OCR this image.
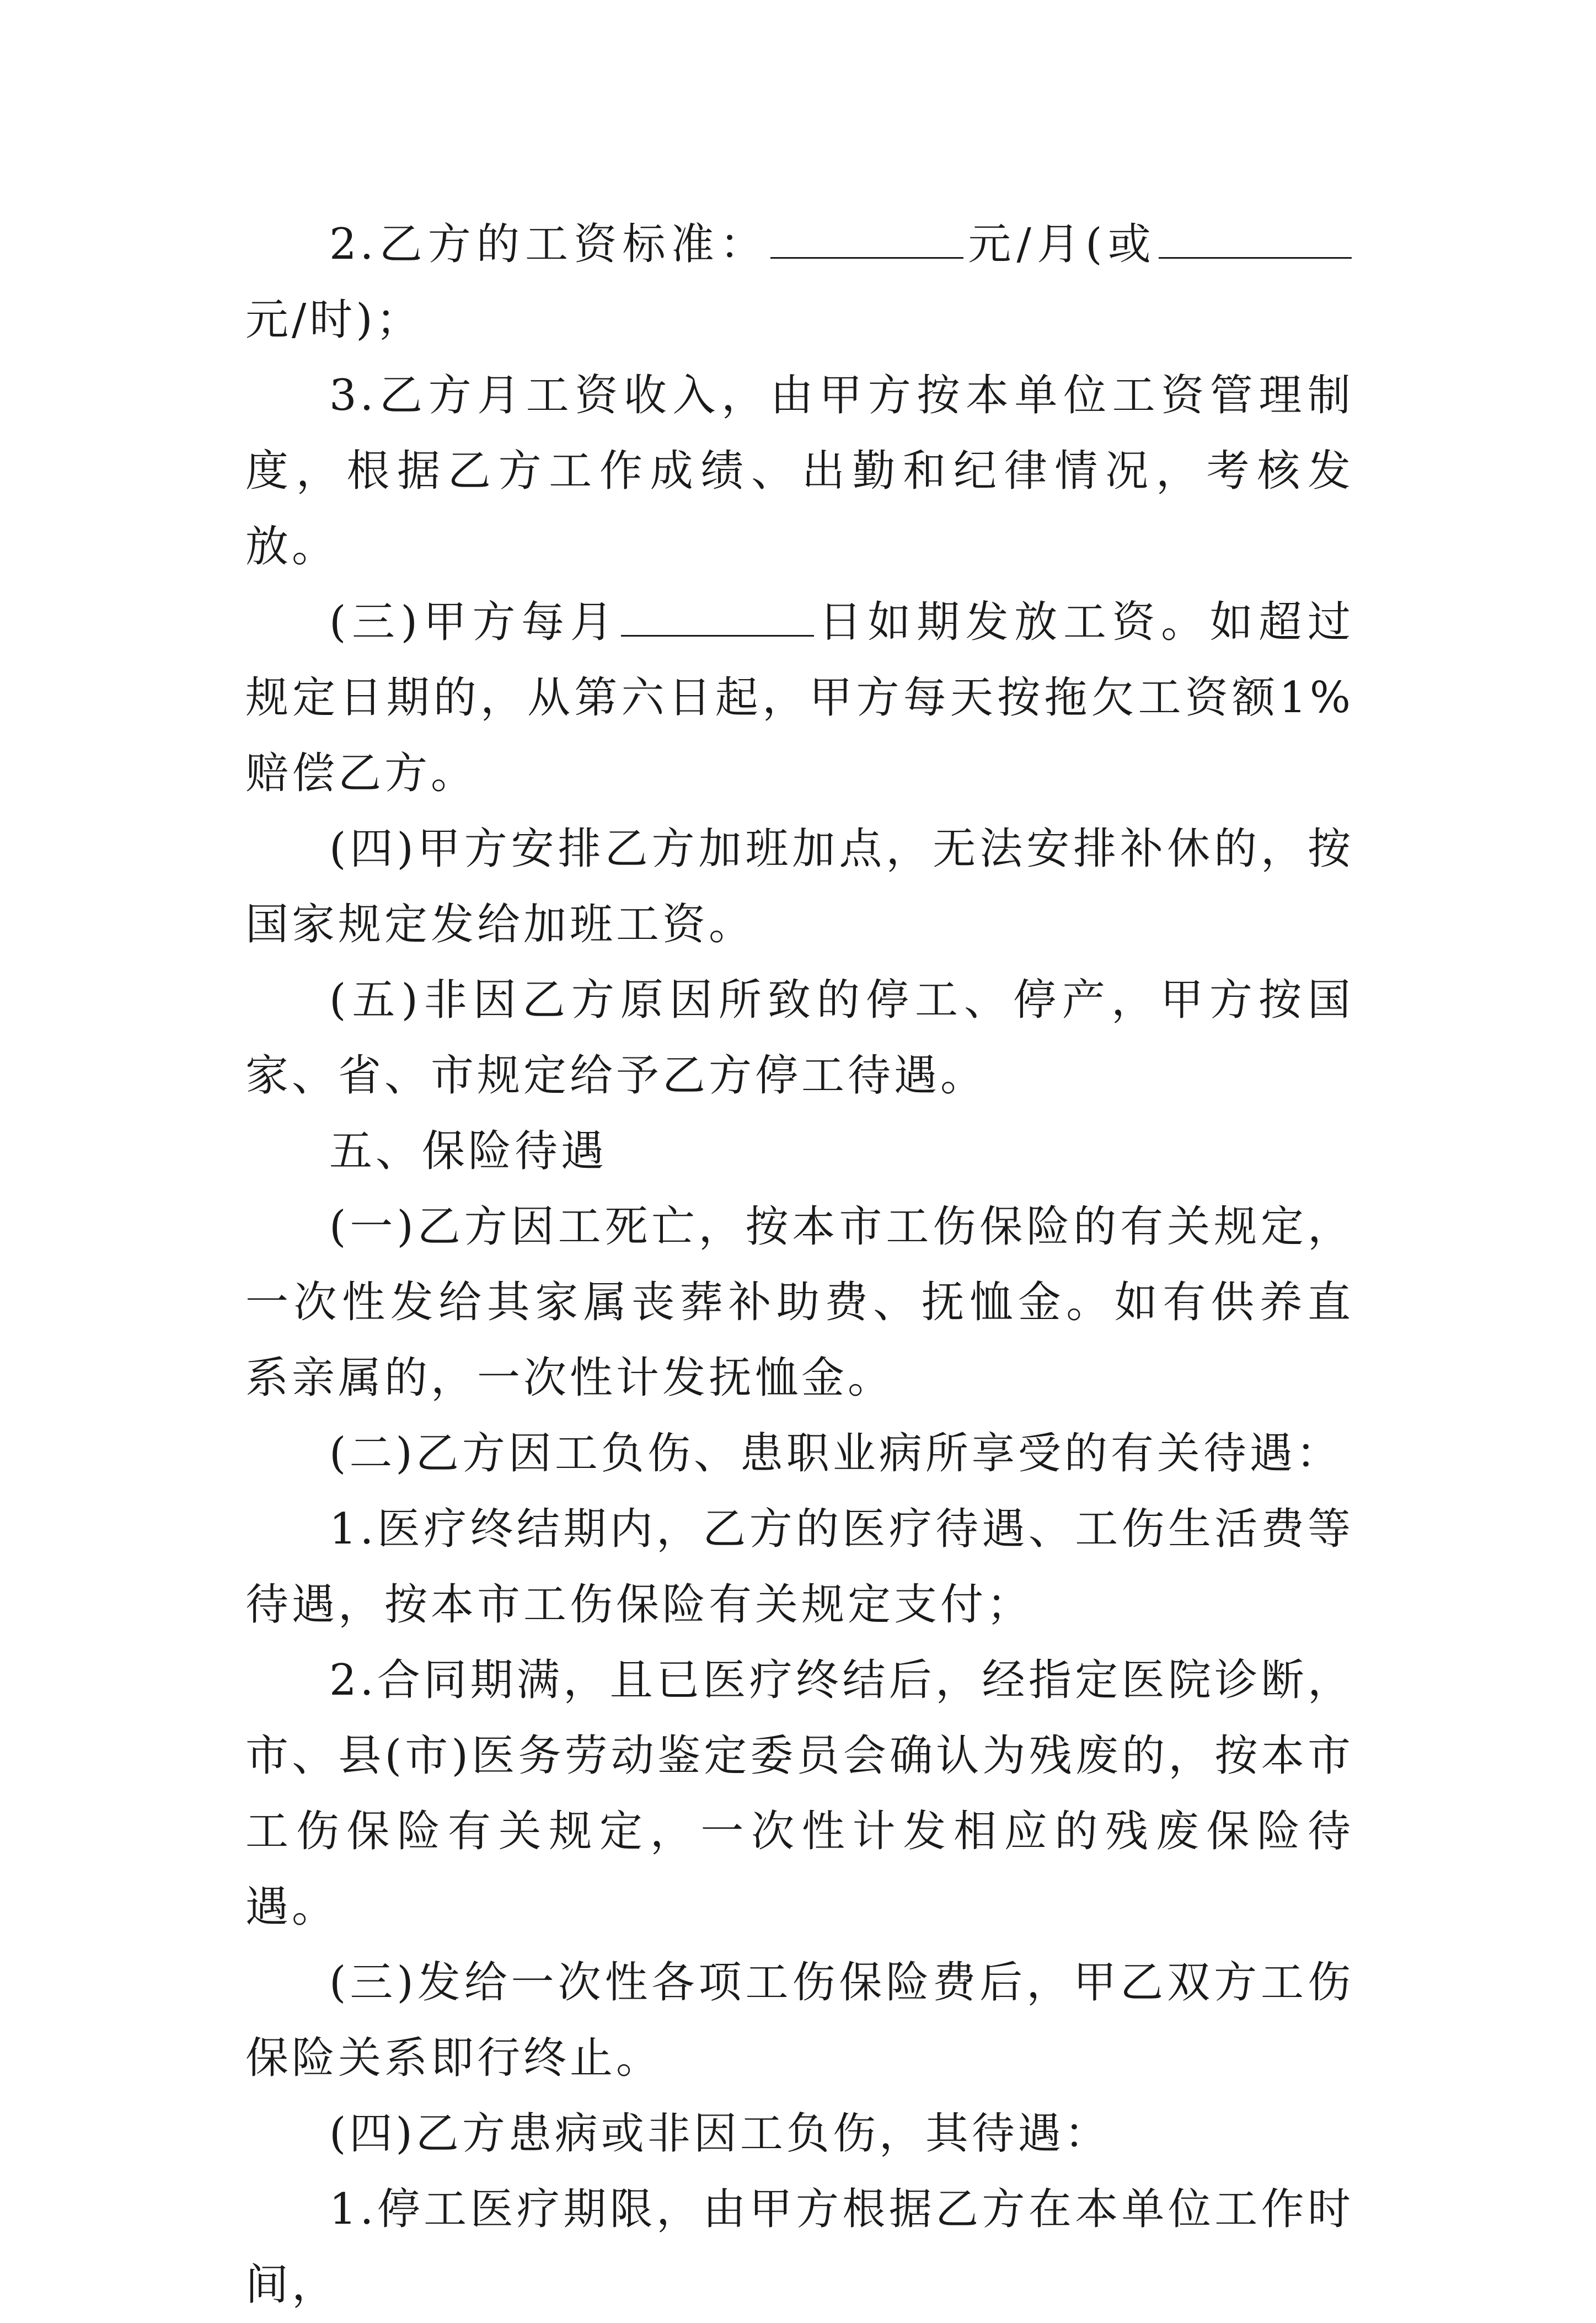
2.乙方的工资标准：	元/月(或元/时)；

3.乙方月工资收入，由甲方按本单位工资管理制度，根据乙方工作成绩、出勤和纪律情况，考核发放。

(三)甲方每月	日如期发放工资。如超过规定日期的，从第六日起，甲方每天按拖欠工资额1%赔偿乙方。

(四)甲方安排乙方加班加点，无法安排补休的，按国家规定发给加班工资。

(五)非因乙方原因所致的停工、停产，甲方按国家、省、市规定给予乙方停工待遇。

五、保险待遇

(一)乙方因工死亡，按本市工伤保险的有关规定，一次性发给其家属丧葬补助费、抚恤金。如有供养直系亲属的，一次性计发抚恤金。

(二)乙方因工负伤、患职业病所享受的有关待遇：

1.医疗终结期内，乙方的医疗待遇、工伤生活费等待遇，按本市工伤保险有关规定支付；

2.合同期满，且已医疗终结后，经指定医院诊断，市、县(市)医务劳动鉴定委员会确认为残废的，按本市工伤保险有关规定，一次性计发相应的残废保险待遇。

(三)发给一次性各项工伤保险费后，甲乙双方工伤保险关系即行终止。

(四)乙方患病或非因工负伤，其待遇：

1.停工医疗期限，由甲方根据乙方在本单位工作时间，
